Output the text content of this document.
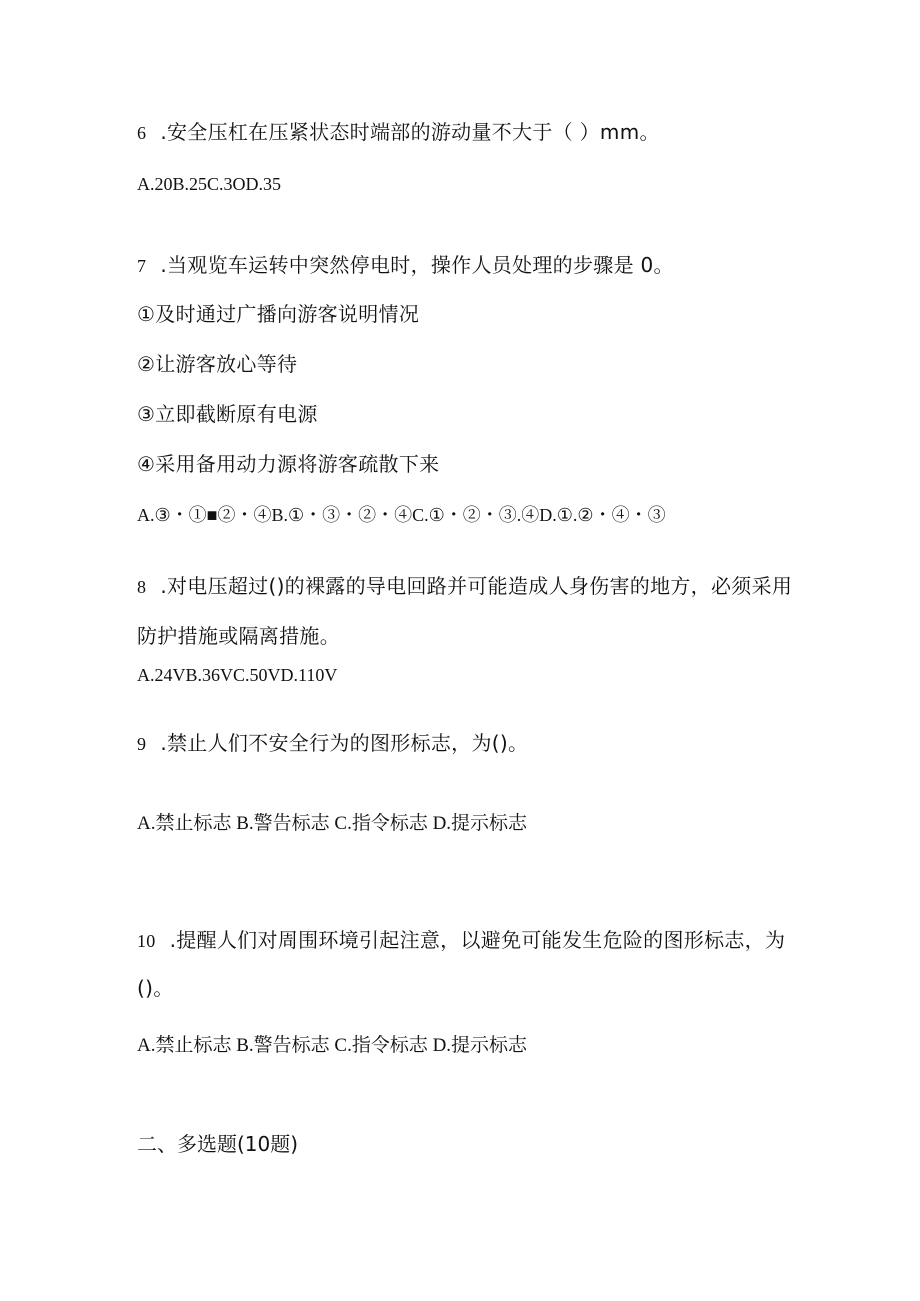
6 .安全压杠在压紧状态时端部的游动量不大于（ ）mm。
A.20B.25C.3OD.35
7 .当观览车运转中突然停电时，操作人员处理的步骤是 0。
①及时通过广播向游客说明情况
②让游客放心等待
③立即截断原有电源
④采用备用动力源将游客疏散下来
A.③・①■②・④B.①・③・②・④C.①・②・③.④D.①.②・④・③
8 .对电压超过()的裸露的导电回路并可能造成人身伤害的地方，必须采用
防护措施或隔离措施。
A.24VB.36VC.50VD.110V
9 .禁止人们不安全行为的图形标志，为()。
A.禁止标志 B.警告标志 C.指令标志 D.提示标志
10 .提醒人们对周围环境引起注意，以避免可能发生危险的图形标志，为
()。
A.禁止标志 B.警告标志 C.指令标志 D.提示标志
二、多选题(10题)
